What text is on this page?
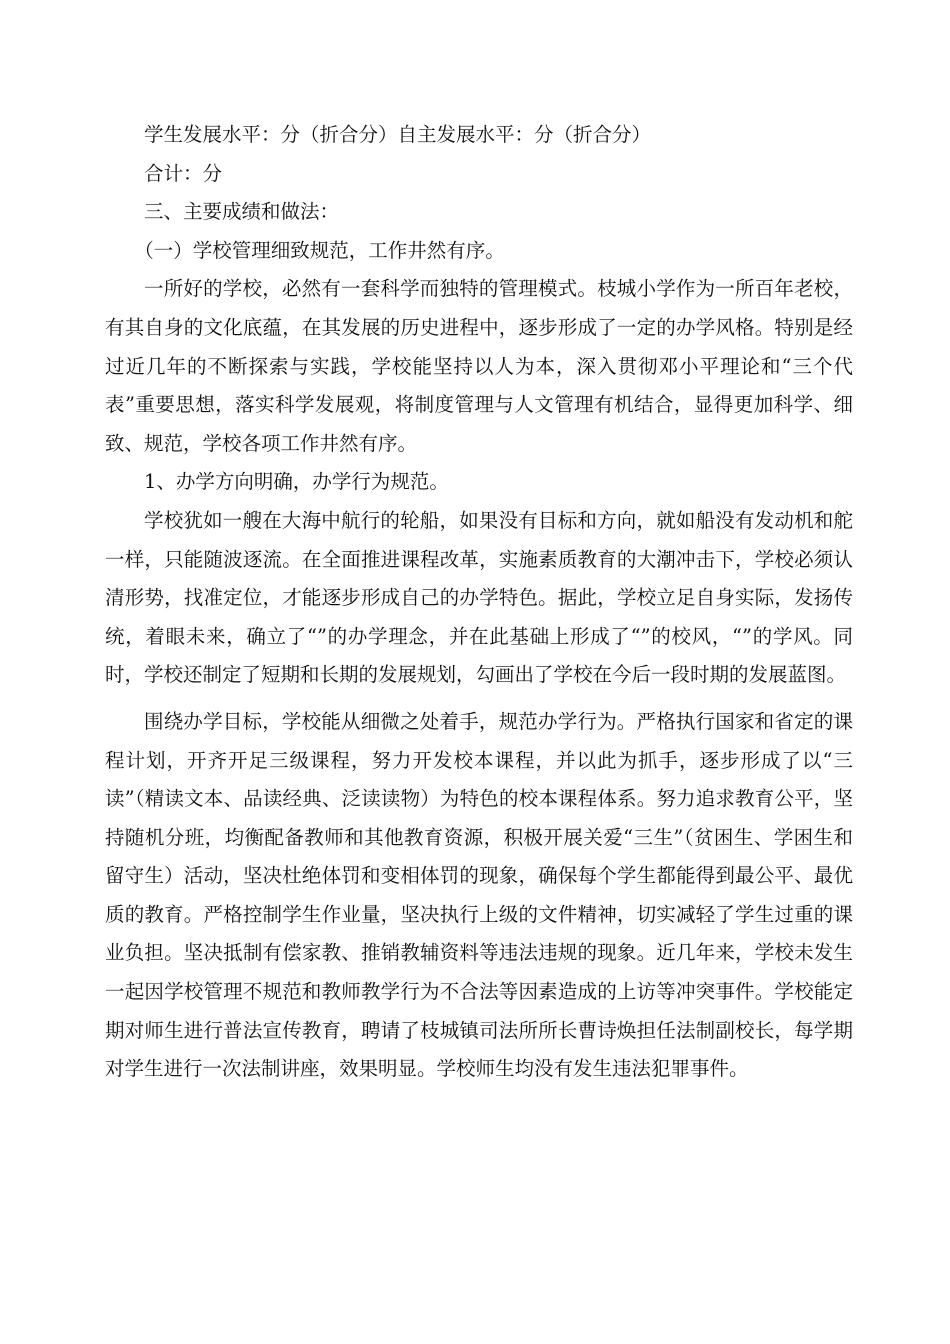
学生发展水平：分（折合分）自主发展水平：分（折合分）

合计：分

三、主要成绩和做法：

（一）学校管理细致规范，工作井然有序。

一所好的学校，必然有一套科学而独特的管理模式。枝城小学作为一所百年老校，有其自身的文化底蕴，在其发展的历史进程中，逐步形成了一定的办学风格。特别是经过近几年的不断探索与实践，学校能坚持以人为本，深入贯彻邓小平理论和“三个代表”重要思想，落实科学发展观，将制度管理与人文管理有机结合，显得更加科学、细致、规范，学校各项工作井然有序。

1、办学方向明确，办学行为规范。

学校犹如一艘在大海中航行的轮船，如果没有目标和方向，就如船没有发动机和舵一样，只能随波逐流。在全面推进课程改革，实施素质教育的大潮冲击下，学校必须认清形势，找准定位，才能逐步形成自己的办学特色。据此，学校立足自身实际，发扬传统，着眼未来，确立了“”的办学理念，并在此基础上形成了“”的校风，“”的学风。同时，学校还制定了短期和长期的发展规划，勾画出了学校在今后一段时期的发展蓝图。

围绕办学目标，学校能从细微之处着手，规范办学行为。严格执行国家和省定的课程计划，开齐开足三级课程，努力开发校本课程，并以此为抓手，逐步形成了以“三读”（精读文本、品读经典、泛读读物）为特色的校本课程体系。努力追求教育公平，坚持随机分班，均衡配备教师和其他教育资源，积极开展关爱“三生”（贫困生、学困生和留守生）活动，坚决杜绝体罚和变相体罚的现象，确保每个学生都能得到最公平、最优质的教育。严格控制学生作业量，坚决执行上级的文件精神，切实减轻了学生过重的课业负担。坚决抵制有偿家教、推销教辅资料等违法违规的现象。近几年来，学校未发生一起因学校管理不规范和教师教学行为不合法等因素造成的上访等冲突事件。学校能定期对师生进行普法宣传教育，聘请了枝城镇司法所所长曹诗焕担任法制副校长，每学期对学生进行一次法制讲座，效果明显。学校师生均没有发生违法犯罪事件。
